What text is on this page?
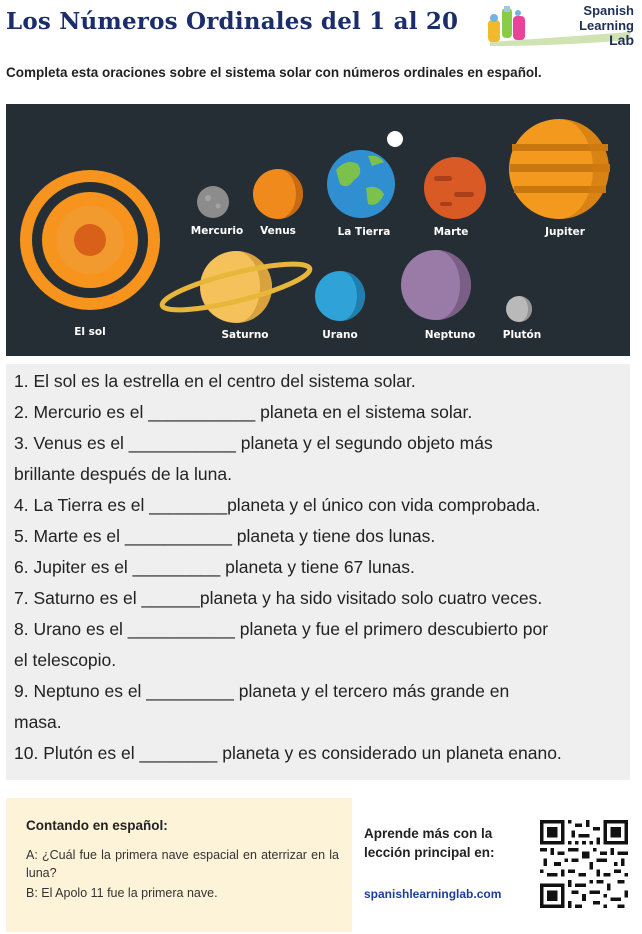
Los Números Ordinales del 1 al 20	Spanish Learning
Lab
Completa esta oraciones sobre el sistema solar con números ordinales en español.
El sol
Mercurio Venus	La Tierra	Marte	Jupiter
Saturno	Urano	Neptuno	Plutón
1. El sol es la estrella en el centro del sistema solar.
2. Mercurio es el ___________ planeta en el sistema solar.
3. Venus es el ___________ planeta y el segundo objeto más
brillante después de la luna.
4. La Tierra es el ________planeta y el único con vida comprobada.
5. Marte es el ___________ planeta y tiene dos lunas.
6. Jupiter es el _________ planeta y tiene 67 lunas.
7. Saturno es el ______planeta y ha sido visitado solo cuatro veces.
8. Urano es el ___________ planeta y fue el primero descubierto por
el telescopio.
9. Neptuno es el _________ planeta y el tercero más grande en
masa.
10. Plutón es el ________ planeta y es considerado un planeta enano.
Contando en español:
A: ¿Cuál fue la primera nave espacial en aterrizar en la luna?
B: El Apolo 11 fue la primera nave.
Aprende más con la lección principal en:
spanishlearninglab.com
